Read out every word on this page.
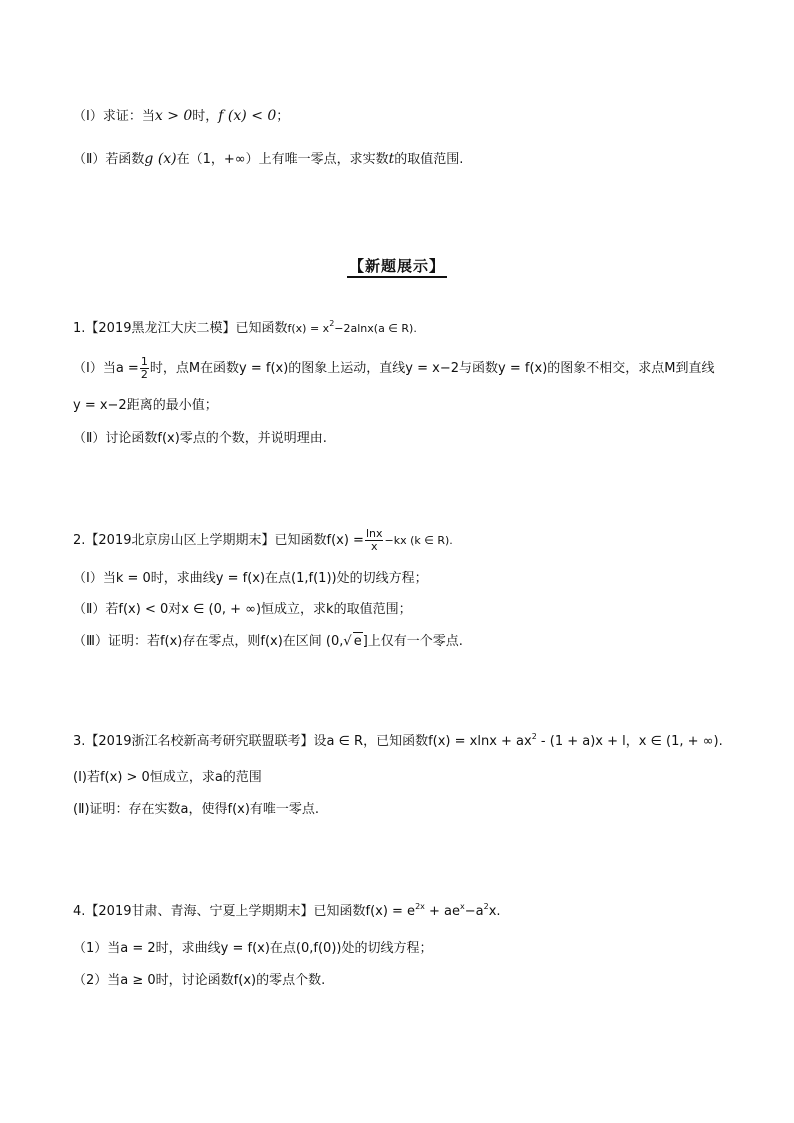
（Ⅰ）求证：当x > 0时，f (x) < 0；
（Ⅱ）若函数g (x)在（1，+∞）上有唯一零点，求实数t的取值范围.
【新题展示】
1.【2019黑龙江大庆二模】已知函数$f(x) = x^2-2alnx(a$ ∈ R).
（Ⅰ）当$a = \frac{1}{2}$ 时，点M在函数y = f(x)的图象上运动，直线y = x−2与函数y = f(x)的图象不相交，求点M到直线
y = x−2距离的最小值；
（Ⅱ）讨论函数f(x)零点的个数，并说明理由.
2.【2019北京房山区上学期期末】已知函数$f(x) = \frac{\ln x}{x} -kx$ (k ∈ R).
（Ⅰ）当k = 0时，求曲线y = f(x)在点(1,f(1))处的切线方程；
（Ⅱ）若f(x) < 0对x ∈ (0, + ∞)恒成立，求k的取值范围；
（Ⅲ）证明：若f(x)存在零点，则f(x)在区间 (0,√ e]上仅有一个零点.
3.【2019浙江名校新高考研究联盟联考】设a ∈ R，已知函数$f(x) = xlnx + ax^2 - (1 + a)x + l$，x ∈ (1, + ∞).
(Ⅰ)若f(x) > 0恒成立，求a的范围
(Ⅱ)证明：存在实数a，使得f(x)有唯一零点.
4.【2019甘肃、青海、宁夏上学期期末】已知函数$f(x) = e^{2x} + ae^x-a^2x$.
（1）当a = 2时，求曲线y = f(x)在点(0,f(0))处的切线方程；
（2）当a ≥ 0时，讨论函数f(x)的零点个数.
